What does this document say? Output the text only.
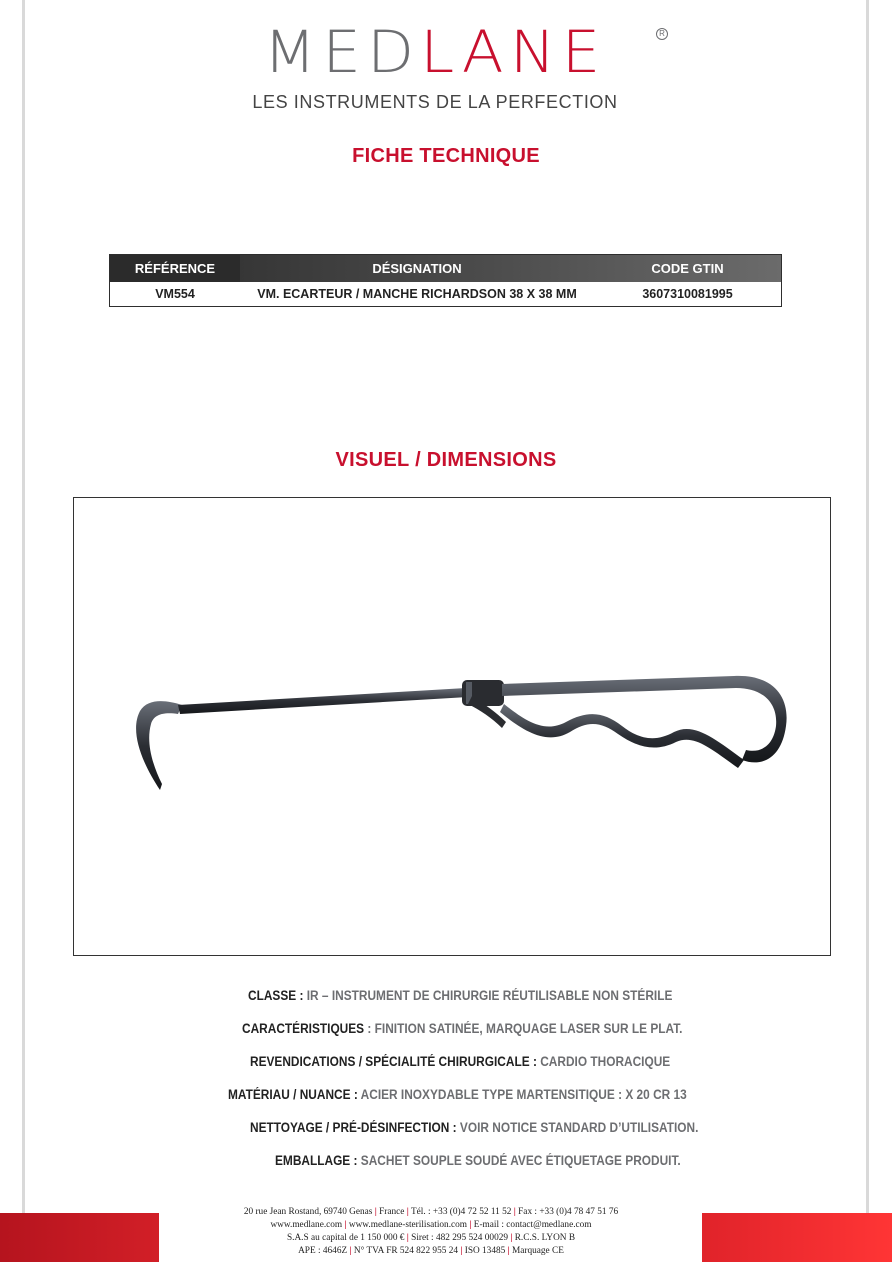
MEDLANE	R
LES INSTRUMENTS DE LA PERFECTION
FICHE TECHNIQUE
RÉFÉRENCE	DÉSIGNATION	CODE GTIN
VM554	VM. ECARTEUR / MANCHE RICHARDSON 38 X 38 MM	3607310081995
VISUEL / DIMENSIONS
CLASSE : IR – INSTRUMENT DE CHIRURGIE RÉUTILISABLE NON STÉRILE
CARACTÉRISTIQUES : FINITION SATINÉE, MARQUAGE LASER SUR LE PLAT.
REVENDICATIONS / SPÉCIALITÉ CHIRURGICALE : CARDIO THORACIQUE
MATÉRIAU / NUANCE : ACIER INOXYDABLE TYPE MARTENSITIQUE : X 20 CR 13
NETTOYAGE / PRÉ-DÉSINFECTION : VOIR NOTICE STANDARD D’UTILISATION.
EMBALLAGE : SACHET SOUPLE SOUDÉ AVEC ÉTIQUETAGE PRODUIT.
20 rue Jean Rostand, 69740 Genas | France | Tél. : +33 (0)4 72 52 11 52 | Fax : +33 (0)4 78 47 51 76
www.medlane.com | www.medlane-sterilisation.com | E-mail : contact@medlane.com
S.A.S au capital de 1 150 000 € | Siret : 482 295 524 00029 | R.C.S. LYON B
APE : 4646Z | N° TVA FR 524 822 955 24 | ISO 13485 | Marquage CE
